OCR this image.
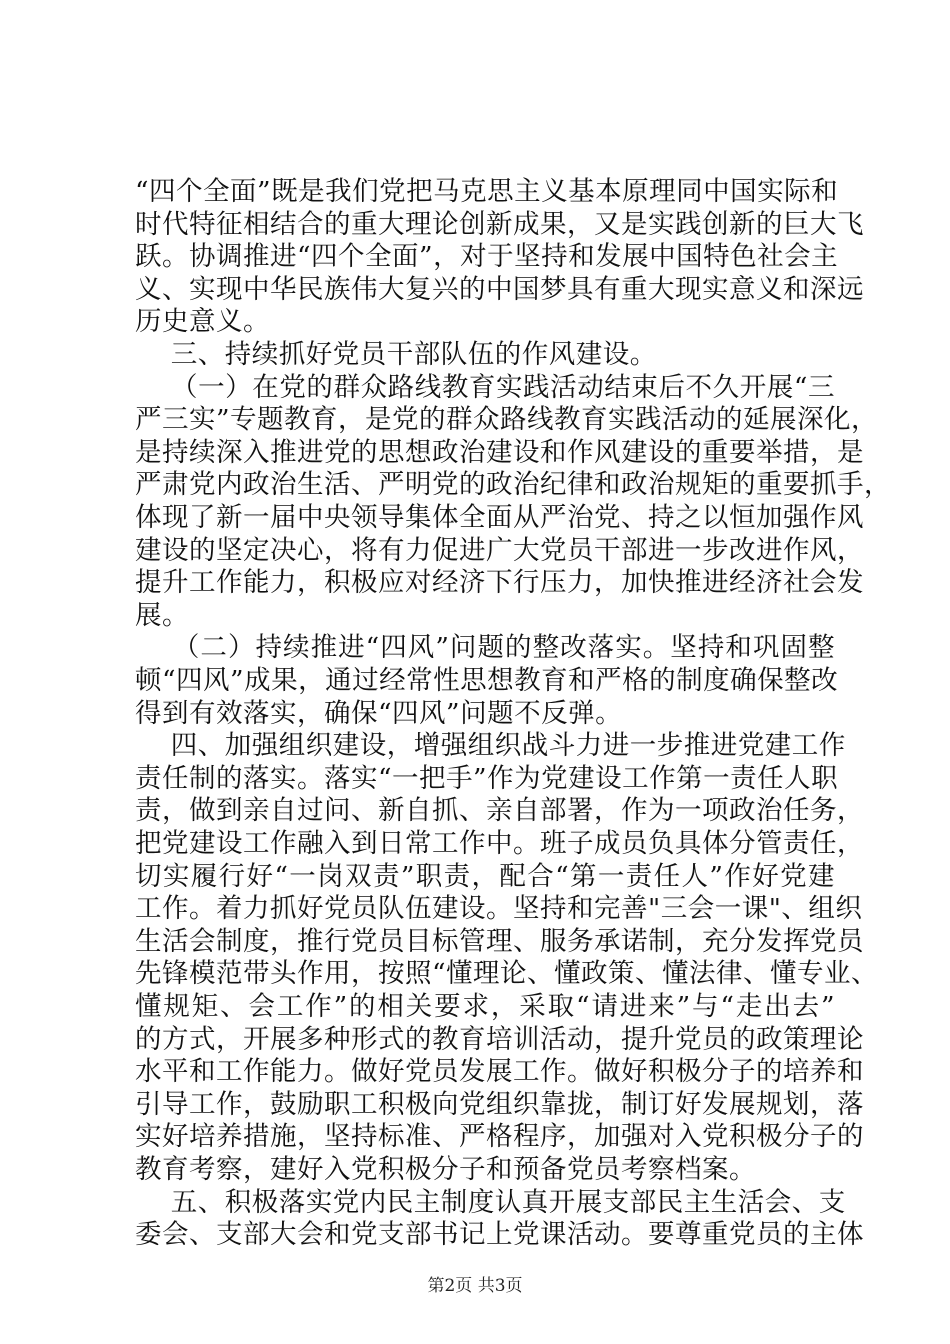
“四个全面”既是我们党把马克思主义基本原理同中国实际和
时代特征相结合的重大理论创新成果，又是实践创新的巨大飞
跃。协调推进“四个全面”，对于坚持和发展中国特色社会主
义、实现中华民族伟大复兴的中国梦具有重大现实意义和深远
历史意义。
三、持续抓好党员干部队伍的作风建设。
（一）在党的群众路线教育实践活动结束后不久开展“三
严三实”专题教育，是党的群众路线教育实践活动的延展深化，
是持续深入推进党的思想政治建设和作风建设的重要举措，是
严肃党内政治生活、严明党的政治纪律和政治规矩的重要抓手，
体现了新一届中央领导集体全面从严治党、持之以恒加强作风
建设的坚定决心，将有力促进广大党员干部进一步改进作风，
提升工作能力，积极应对经济下行压力，加快推进经济社会发
展。
（二）持续推进“四风”问题的整改落实。坚持和巩固整
顿“四风”成果，通过经常性思想教育和严格的制度确保整改
得到有效落实，确保“四风”问题不反弹。
四、加强组织建设，增强组织战斗力进一步推进党建工作
责任制的落实。落实“一把手”作为党建设工作第一责任人职
责，做到亲自过问、新自抓、亲自部署，作为一项政治任务，
把党建设工作融入到日常工作中。班子成员负具体分管责任，
切实履行好“一岗双责”职责，配合“第一责任人”作好党建
工作。着力抓好党员队伍建设。坚持和完善"三会一课"、组织
生活会制度，推行党员目标管理、服务承诺制，充分发挥党员
先锋模范带头作用，按照“懂理论、懂政策、懂法律、懂专业、
懂规矩、会工作”的相关要求，采取“请进来”与“走出去”
的方式，开展多种形式的教育培训活动，提升党员的政策理论
水平和工作能力。做好党员发展工作。做好积极分子的培养和
引导工作，鼓励职工积极向党组织靠拢，制订好发展规划，落
实好培养措施，坚持标准、严格程序，加强对入党积极分子的
教育考察，建好入党积极分子和预备党员考察档案。
五、积极落实党内民主制度认真开展支部民主生活会、支
委会、支部大会和党支部书记上党课活动。要尊重党员的主体
第2页 共3页
